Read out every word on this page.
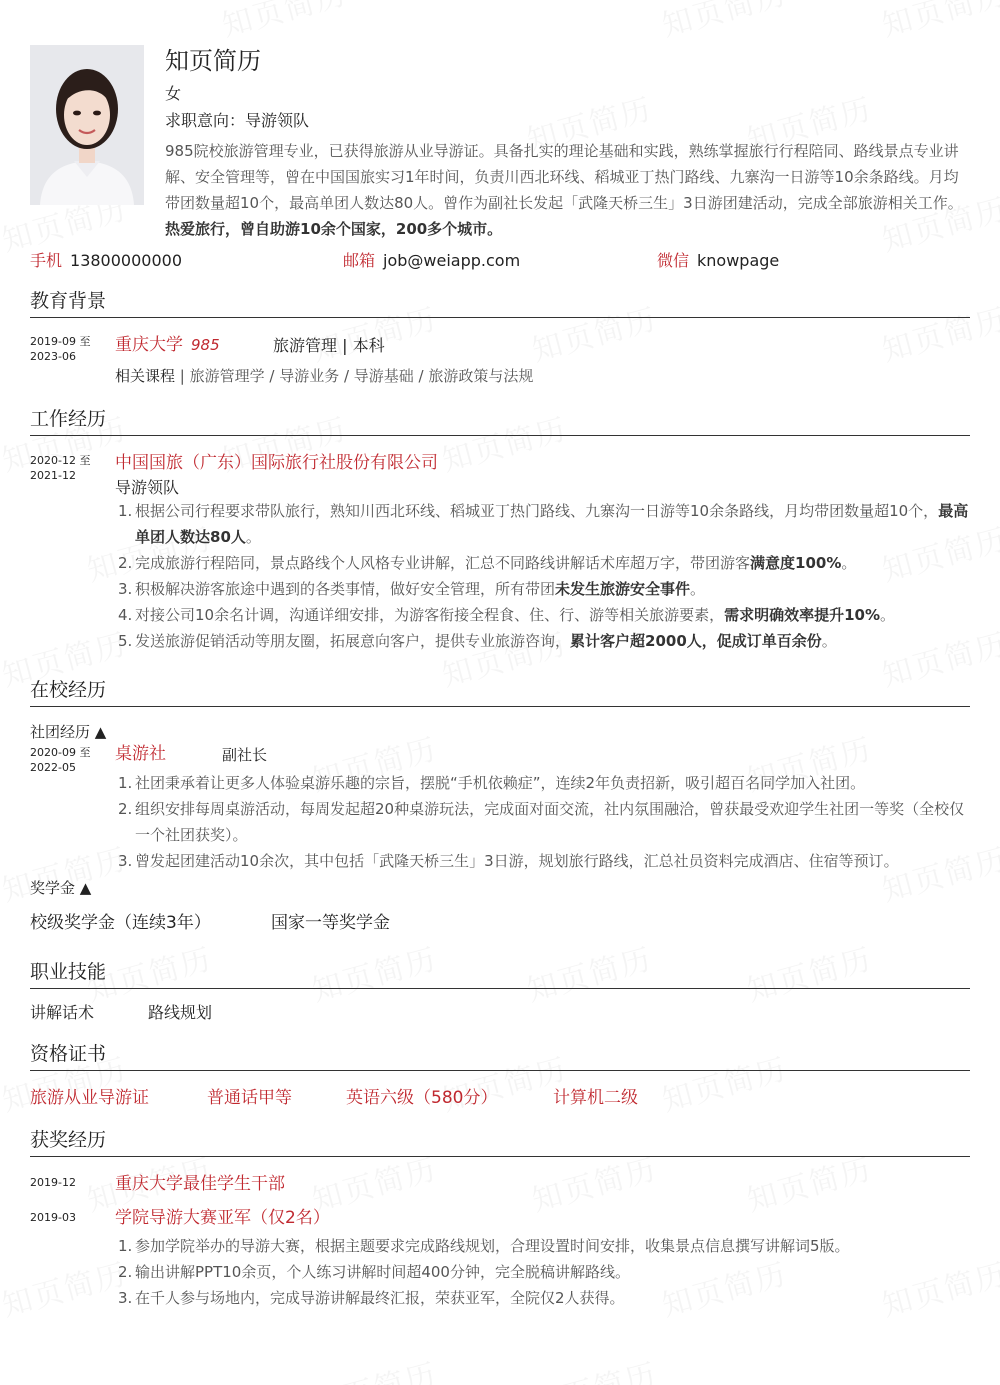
知页简历
女
求职意向：导游领队
985院校旅游管理专业，已获得旅游从业导游证。具备扎实的理论基础和实践，熟练掌握旅行行程陪同、路线景点专业讲解、安全管理等，曾在中国国旅实习1年时间，负责川西北环线、稻城亚丁热门路线、九寨沟一日游等10余条路线。月均带团数量超10个，最高单团人数达80人。曾作为副社长发起「武隆天桥三生」3日游团建活动，完成全部旅游相关工作。热爱旅行，曾自助游10余个国家，200多个城市。
手机 13800000000	邮箱 job@weiapp.com	微信 knowpage
教育背景
2019-09 至
2023-06
重庆大学 985	旅游管理 | 本科
相关课程 | 旅游管理学 / 导游业务 / 导游基础 / 旅游政策与法规
工作经历
2020-12 至
2021-12
中国国旅（广东）国际旅行社股份有限公司
导游领队
1. 根据公司行程要求带队旅行，熟知川西北环线、稻城亚丁热门路线、九寨沟一日游等10余条路线，月均带团数量超10个，最高单团人数达80人。
2. 完成旅游行程陪同，景点路线个人风格专业讲解，汇总不同路线讲解话术库超万字，带团游客满意度100%。
3. 积极解决游客旅途中遇到的各类事情，做好安全管理，所有带团未发生旅游安全事件。
4. 对接公司10余名计调，沟通详细安排，为游客衔接全程食、住、行、游等相关旅游要素，需求明确效率提升10%。
5. 发送旅游促销活动等朋友圈，拓展意向客户，提供专业旅游咨询，累计客户超2000人，促成订单百余份。
在校经历
社团经历 ▲
2020-09 至
2022-05
桌游社	副社长
1. 社团秉承着让更多人体验桌游乐趣的宗旨，摆脱“手机依赖症”，连续2年负责招新，吸引超百名同学加入社团。
2. 组织安排每周桌游活动，每周发起超20种桌游玩法，完成面对面交流，社内氛围融洽，曾获最受欢迎学生社团一等奖（全校仅一个社团获奖）。
3. 曾发起团建活动10余次，其中包括「武隆天桥三生」3日游，规划旅行路线，汇总社员资料完成酒店、住宿等预订。
奖学金 ▲
校级奖学金（连续3年）	国家一等奖学金
职业技能
讲解话术	路线规划
资格证书
旅游从业导游证	普通话甲等	英语六级（580分）	计算机二级
获奖经历
2019-12	重庆大学最佳学生干部
2019-03	学院导游大赛亚军（仅2名）
1. 参加学院举办的导游大赛，根据主题要求完成路线规划，合理设置时间安排，收集景点信息撰写讲解词5版。
2. 输出讲解PPT10余页，个人练习讲解时间超400分钟，完全脱稿讲解路线。
3. 在千人参与场地内，完成导游讲解最终汇报，荣获亚军，全院仅2人获得。
